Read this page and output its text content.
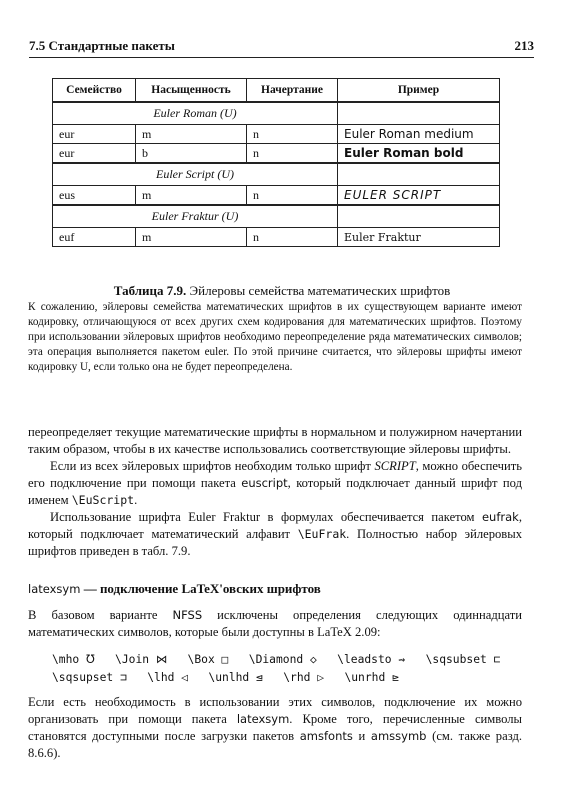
7.5 Стандартные пакеты	213
Семейство	Насыщенность	Начертание	Пример
Euler Roman (U)			
eur	m	n	Euler Roman medium
eur	b	n	Euler Roman bold
Euler Script (U)			
eus	m	n	EULER SCRIPT
Euler Fraktur (U)			
euf	m	n	Euler Fraktur
Таблица 7.9. Эйлеровы семейства математических шрифтов
К сожалению, эйлеровы семейства математических шрифтов в их существующем варианте имеют кодировку, отличающуюся от всех других схем кодирования для математических шрифтов. Поэтому при использовании эйлеровых шрифтов необходимо переопределение ряда математических символов; эта операция выполняется пакетом euler. По этой причине считается, что эйлеровы шрифты имеют кодировку U, если только она не будет переопределена.

переопределяет текущие математические шрифты в нормальном и полужирном начертании таким образом, чтобы в их качестве использовались соответствующие эйлеровы шрифты.

Если из всех эйлеровых шрифтов необходим только шрифт SCRIPT, можно обеспечить его подключение при помощи пакета euscript, который подключает данный шрифт под именем \EuScript.

Использование шрифта Euler Fraktur в формулах обеспечивается пакетом eufrak, который подключает математический алфавит \EuFrak. Полностью набор эйлеровых шрифтов приведен в табл. 7.9.

latexsym — подключение LaTeX'овских шрифтов
В базовом варианте NFSS исключены определения следующих одиннадцати математических символов, которые были доступны в LaTeX 2.09:
\mho ℧   \Join ⋈   \Box □   \Diamond ◇   \leadsto ⇝   \sqsubset ⊏
\sqsupset ⊐   \lhd ◁   \unlhd ⊴   \rhd ▷   \unrhd ⊵
Если есть необходимость в использовании этих символов, подключение их можно организовать при помощи пакета latexsym. Кроме того, перечисленные символы становятся доступными после загрузки пакетов amsfonts и amssymb (см. также разд. 8.6.6).
